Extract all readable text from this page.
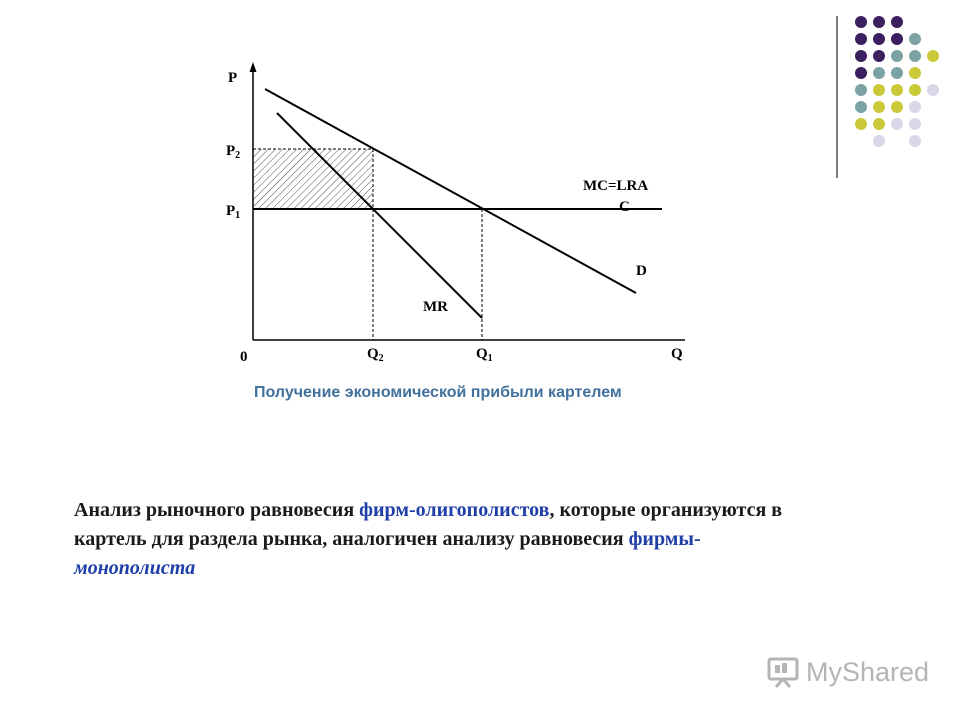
P
$P_2$
$P_1$
0	$Q_2$	$Q_1$	Q
MC=LRA
C
D
MR
Получение экономической прибыли картелем
Анализ рыночного равновесия фирм-олигополистов, которые организуются в картель для раздела рынка, аналогичен анализу равновесия фирмы-монополиста
MyShared
